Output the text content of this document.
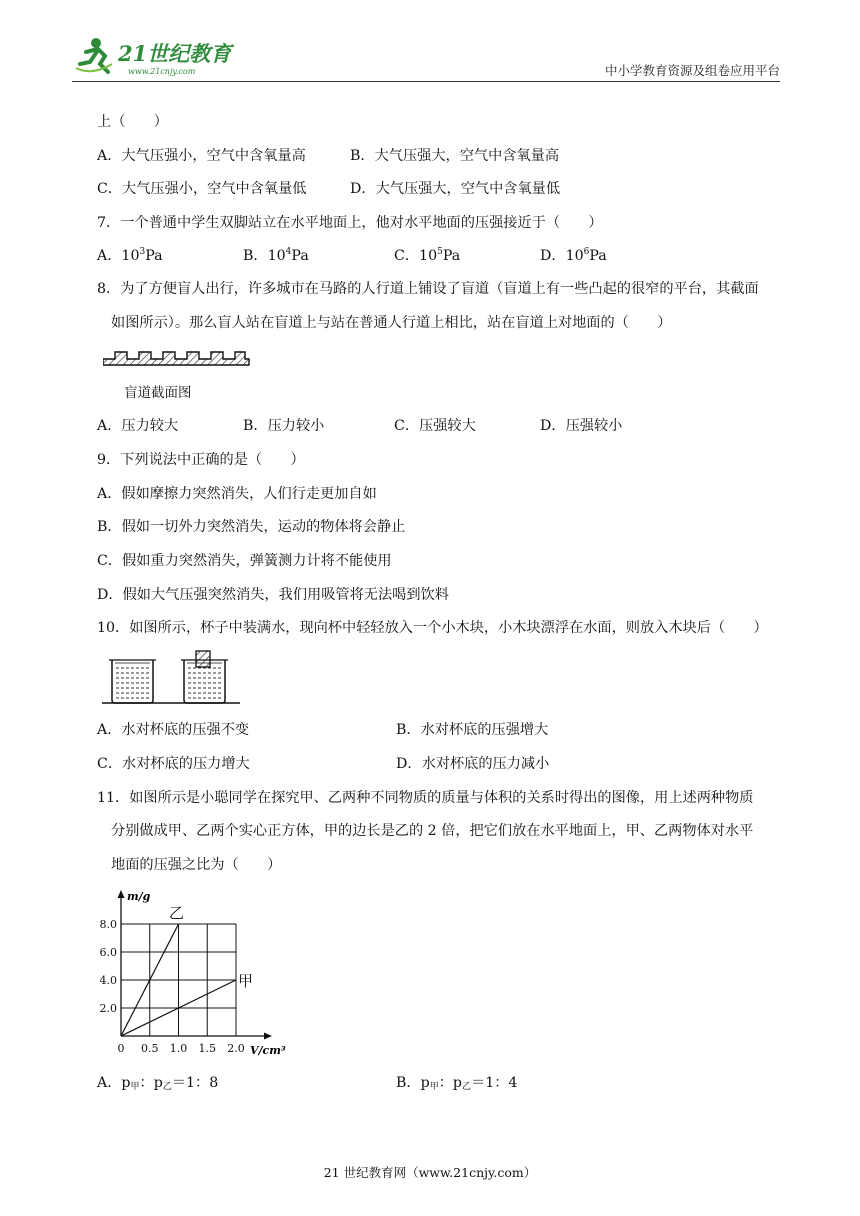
21世纪教育
www.21cnjy.com	中小学教育资源及组卷应用平台
上（　　）
A．大气压强小，空气中含氧量高	B．大气压强大，空气中含氧量高
C．大气压强小，空气中含氧量低	D．大气压强大，空气中含氧量低
7．一个普通中学生双脚站立在水平地面上，他对水平地面的压强接近于（　　）
A．$10^3Pa$	B．$10^4Pa$	C．$10^5Pa$	D．$10^6Pa$
8．为了方便盲人出行，许多城市在马路的人行道上铺设了盲道（盲道上有一些凸起的很窄的平台，其截面
如图所示）。那么盲人站在盲道上与站在普通人行道上相比，站在盲道上对地面的（　　）
盲道截面图
A．压力较大	B．压力较小	C．压强较大	D．压强较小
9．下列说法中正确的是（　　）
A．假如摩擦力突然消失，人们行走更加自如
B．假如一切外力突然消失，运动的物体将会静止
C．假如重力突然消失，弹簧测力计将不能使用
D．假如大气压强突然消失，我们用吸管将无法喝到饮料
10．如图所示，杯子中装满水，现向杯中轻轻放入一个小木块，小木块漂浮在水面，则放入木块后（　　）
A．水对杯底的压强不变	B．水对杯底的压强增大
C．水对杯底的压力增大	D．水对杯底的压力减小
11．如图所示是小聪同学在探究甲、乙两种不同物质的质量与体积的关系时得出的图像，用上述两种物质
分别做成甲、乙两个实心正方体，甲的边长是乙的 2 倍，把它们放在水平地面上，甲、乙两物体对水平
地面的压强之比为（　　）
0 0.5 1.0 1.5 2.0
2.0
4.0
6.0
8.0
乙
甲
m/g
V/cm³
A．$p_甲$：$p_乙=1$：8	B．$p_甲$：$p_乙=1$：4
21 世纪教育网（www.21cnjy.com）
